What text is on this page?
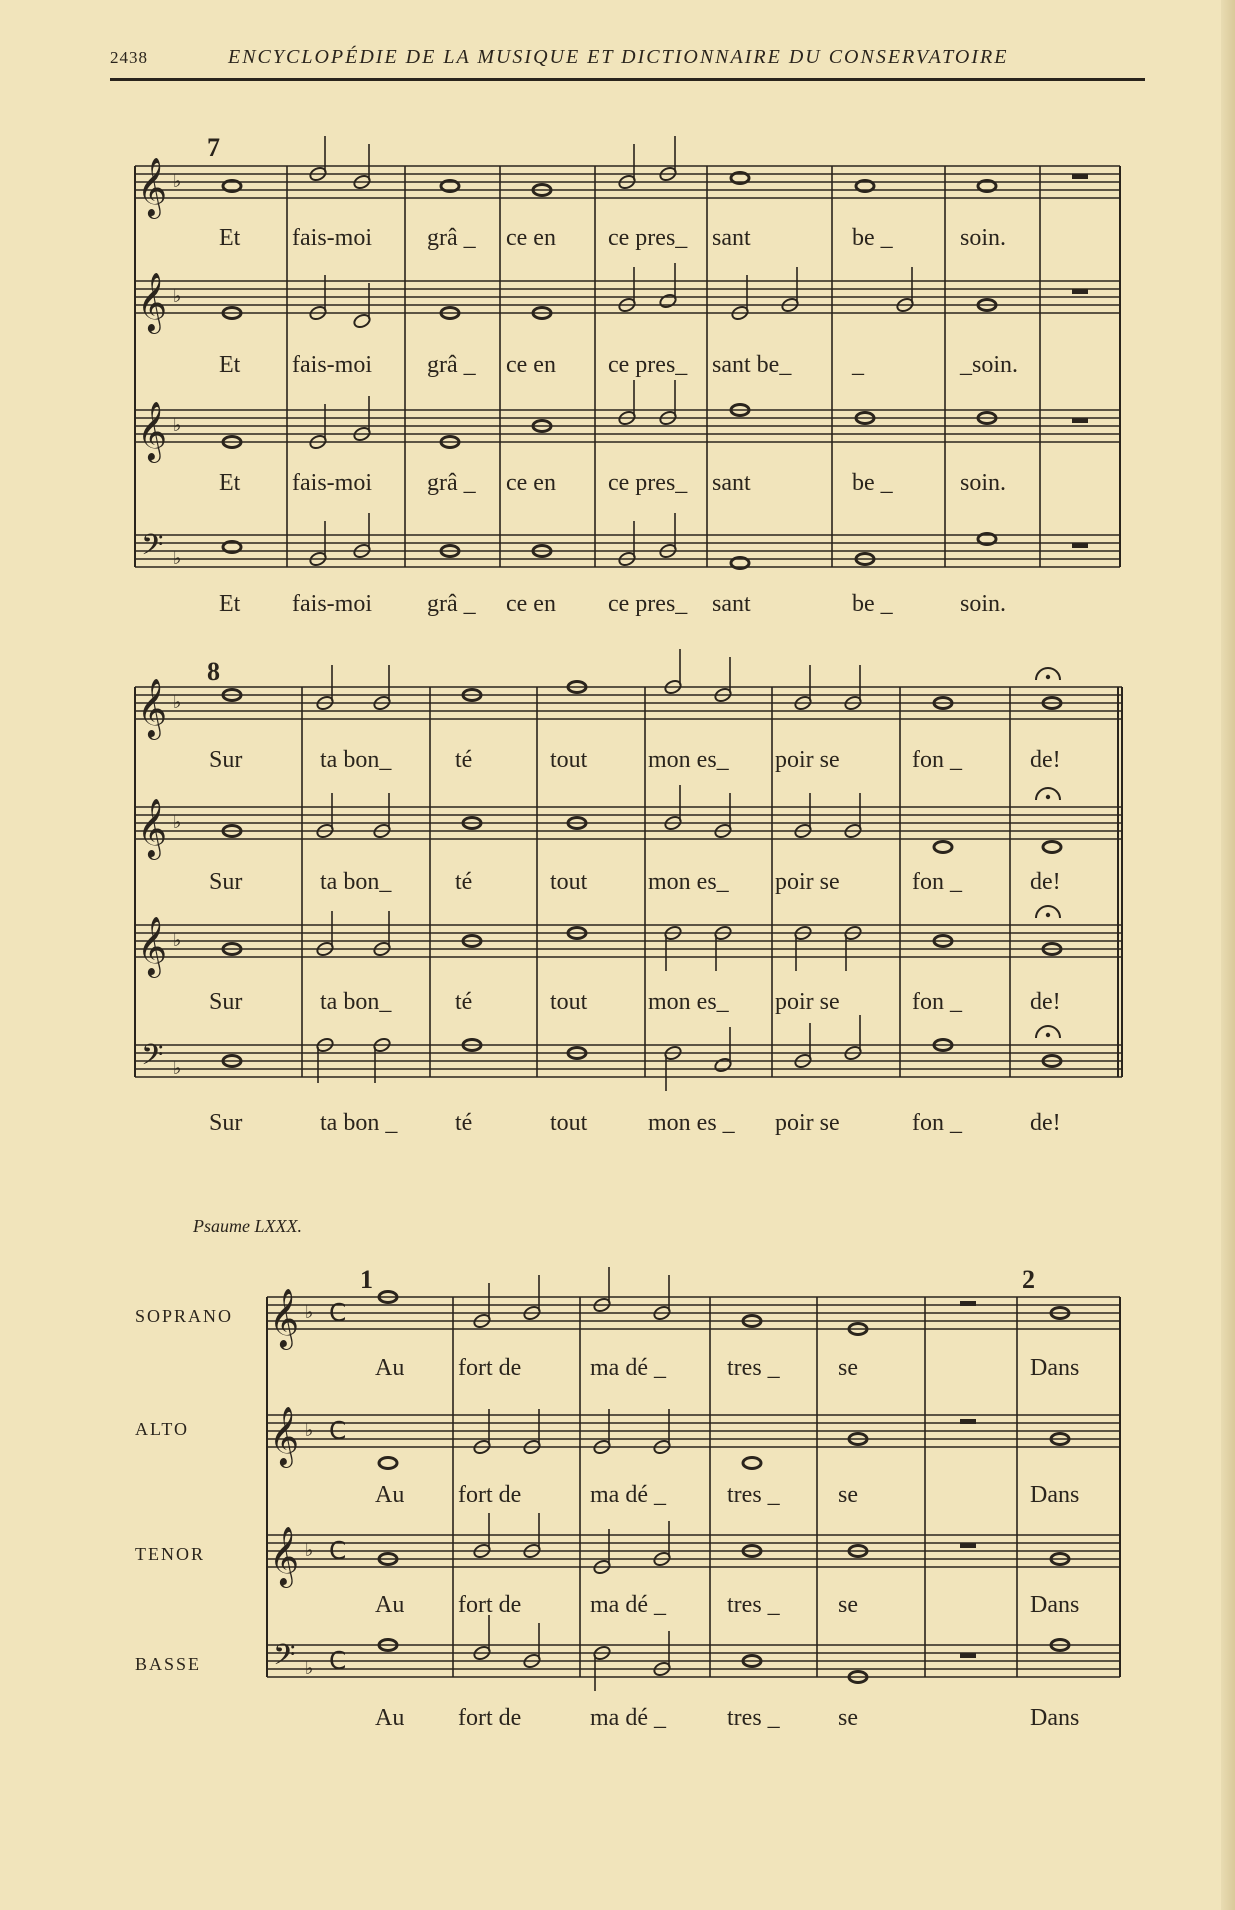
2438	ENCYCLOPÉDIE DE LA MUSIQUE ET DICTIONNAIRE DU CONSERVATOIRE
𝄞 ♭
𝄞 ♭
𝄞 ♭
𝄢 ♭
𝄞 ♭
𝄞 ♭
𝄞 ♭
𝄢 ♭
𝄞 ♭ C
𝄞 ♭ C
𝄞 ♭ C
𝄢 ♭ C
7
Et fais-moi grâ _ ce en ce pres_ sant	be _	soin.
Et fais-moi grâ _ ce en ce pres_ sant be_	_	_soin.
Et fais-moi grâ _ ce en ce pres_ sant	be _	soin.
Et fais-moi grâ _ ce en ce pres_ sant	be _	soin.
8
Sur	ta bon_	té	tout	mon es_ poir se	fon _	de!
Sur	ta bon_	té	tout	mon es_ poir se	fon _	de!
Sur	ta bon_	té	tout	mon es_ poir se	fon _	de!
Sur	ta bon _ té	tout	mon es _ poir se	fon _	de!
Psaume LXXX.
1	2
SOPRANO
ALTO
TENOR
BASSE
Au fort de	ma dé _	tres _ se	Dans
Au fort de	ma dé _	tres _ se	Dans
Au fort de	ma dé _	tres _ se	Dans
Au fort de	ma dé _	tres _ se	Dans
